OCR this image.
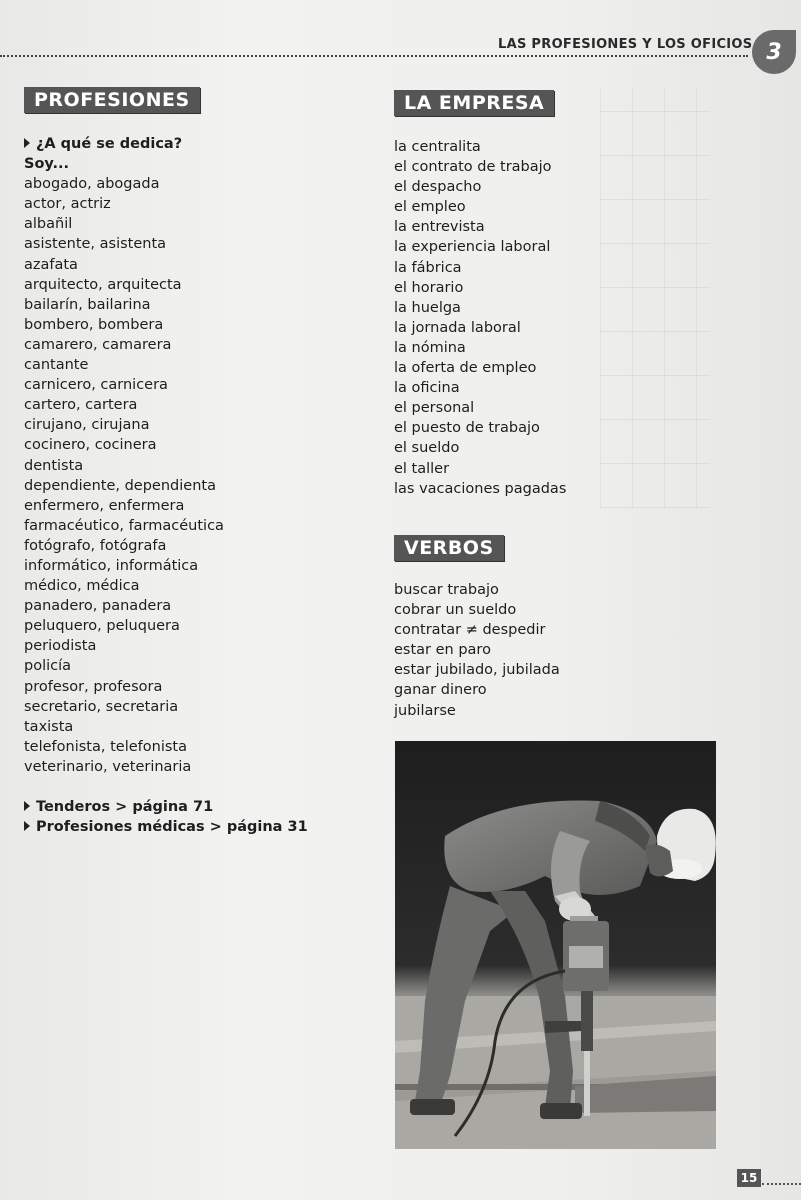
LAS PROFESIONES Y LOS OFICIOS 3
PROFESIONES
¿A qué se dedica?
Soy...
abogado, abogada
actor, actriz
albañil
asistente, asistenta
azafata
arquitecto, arquitecta
bailarín, bailarina
bombero, bombera
camarero, camarera
cantante
carnicero, carnicera
cartero, cartera
cirujano, cirujana
cocinero, cocinera
dentista
dependiente, dependienta
enfermero, enfermera
farmacéutico, farmacéutica
fotógrafo, fotógrafa
informático, informática
médico, médica
panadero, panadera
peluquero, peluquera
periodista
policía
profesor, profesora
secretario, secretaria
taxista
telefonista, telefonista
veterinario, veterinaria
Tenderos > página 71
Profesiones médicas > página 31
LA EMPRESA
la centralita
el contrato de trabajo
el despacho
el empleo
la entrevista
la experiencia laboral
la fábrica
el horario
la huelga
la jornada laboral
la nómina
la oferta de empleo
la oficina
el personal
el puesto de trabajo
el sueldo
el taller
las vacaciones pagadas
VERBOS
buscar trabajo
cobrar un sueldo
contratar ≠ despedir
estar en paro
estar jubilado, jubilada
ganar dinero
jubilarse
15
